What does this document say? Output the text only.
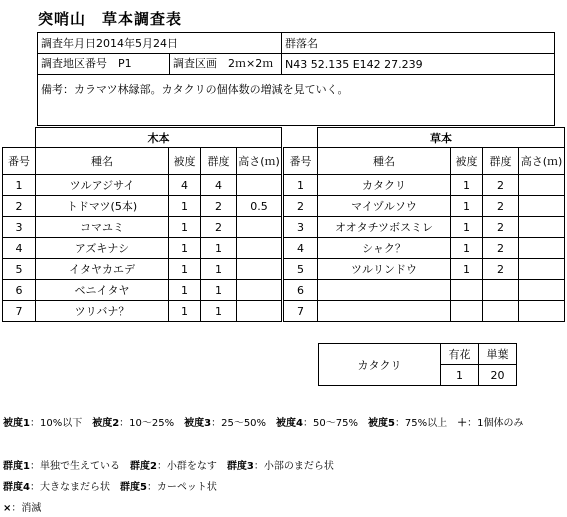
突哨山　草本調査表
調査年月日2014年5月24日	群落名

調査地区番号　P1 調査区画　2ｍ×2ｍ	N43 52.135 E142 27.239
備考：カラマツ林縁部。カタクリの個体数の増減を見ていく。	
	木本			
番号	種名	被度	群度	高さ(ｍ)
1	ツルアジサイ	4	4	
2	トドマツ(5本)	1	2	0.5
3	コマユミ	1	2	
4	アズキナシ	1	1	
5	イタヤカエデ	1	1	
6	ベニイタヤ	1	1	
7	ツリバナ？	1	1	
	草本			
番号	種名	被度	群度	高さ(ｍ)
1	カタクリ	1	2	
2	マイヅルソウ	1	2	
3	オオタチツボスミレ	1	2	
4	シャク？	1	2	
5	ツルリンドウ	1	2	
6				
7				
カタクリ	有花	単葉
	1	20
被度1：10%以下　被度2：10～25%　被度3：25～50%　被度4：50～75%　被度5：75%以上　＋：1個体のみ
群度1：単独で生えている　群度2：小群をなす　群度3：小部のまだら状
群度4：大きなまだら状　群度5：カーペット状
×：消滅
